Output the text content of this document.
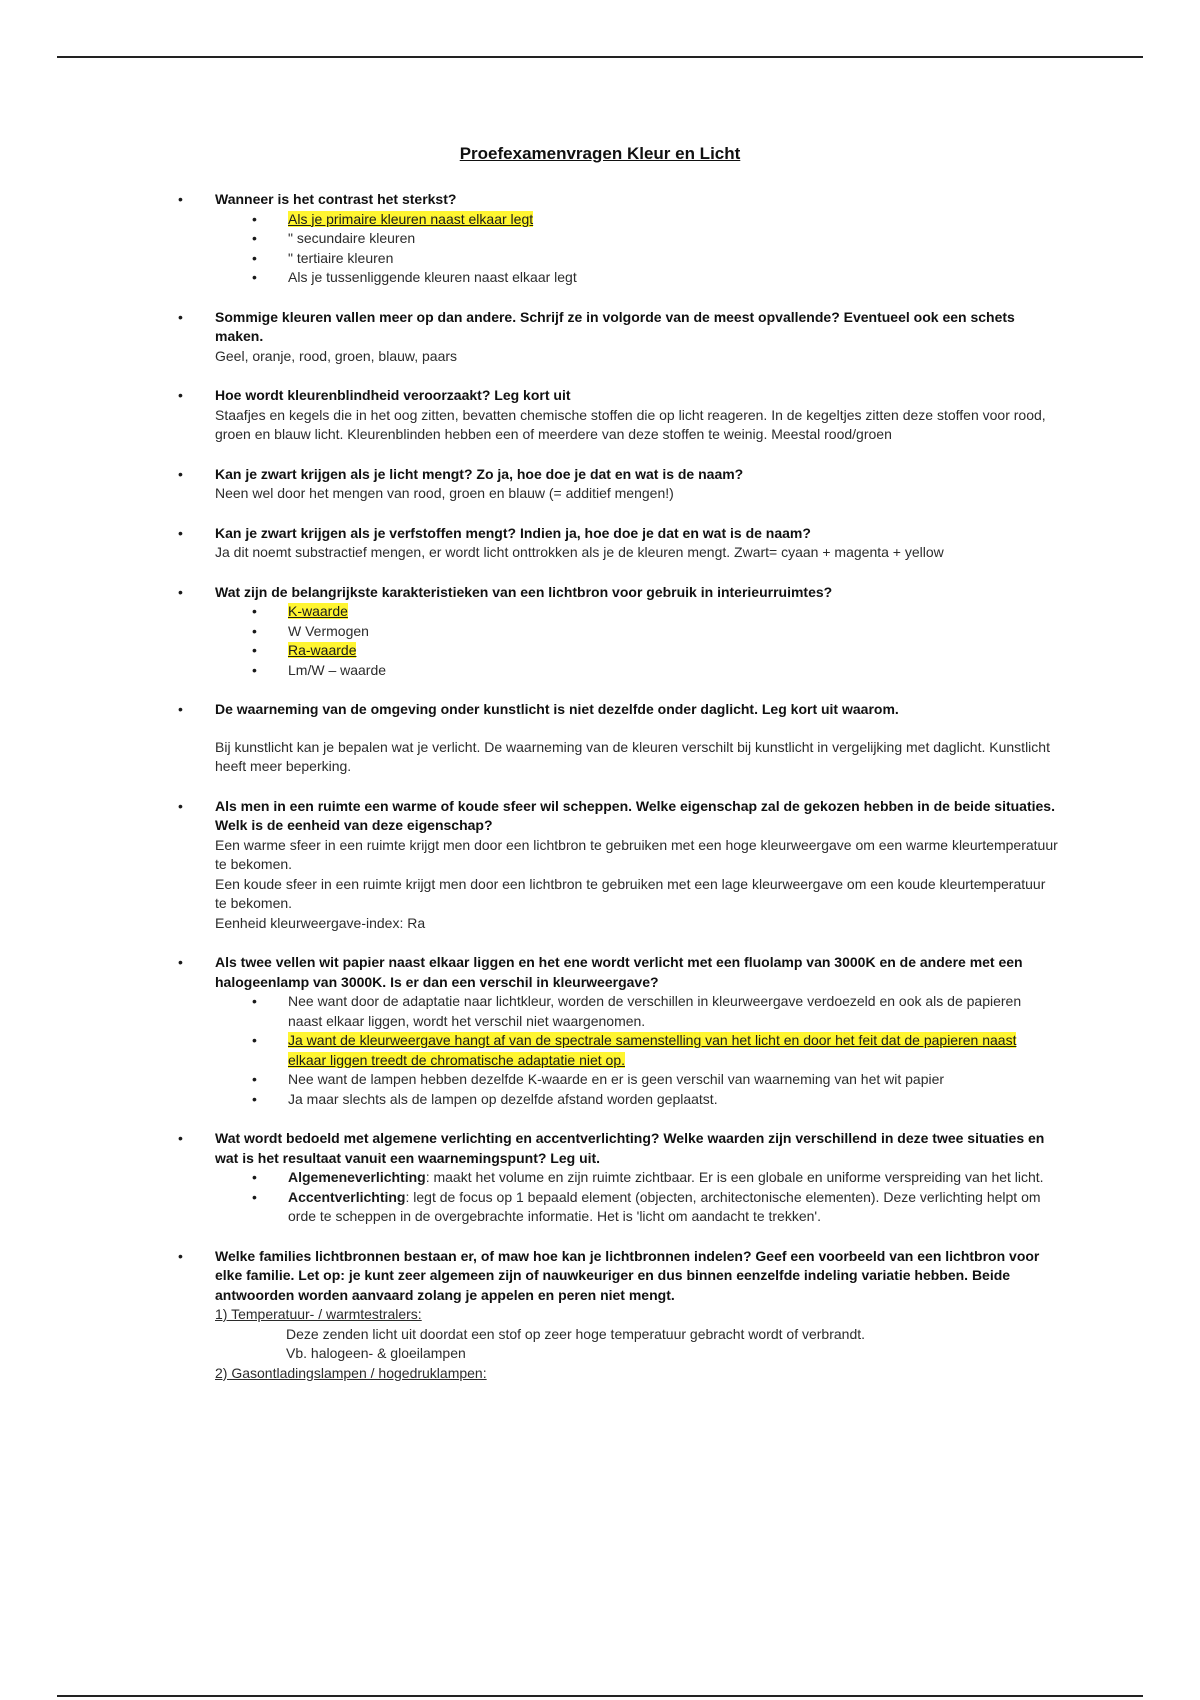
Proefexamenvragen Kleur en Licht
•	Wanneer is het contrast het sterkst?
• Als je primaire kleuren naast elkaar legt
• " secundaire kleuren
• " tertiaire kleuren
• Als je tussenliggende kleuren naast elkaar legt
•	Sommige kleuren vallen meer op dan andere. Schrijf ze in volgorde van de meest opvallende? Eventueel ook een schets maken.
Geel, oranje, rood, groen, blauw, paars
•	Hoe wordt kleurenblindheid veroorzaakt? Leg kort uit
Staafjes en kegels die in het oog zitten, bevatten chemische stoffen die op licht reageren. In de kegeltjes zitten deze stoffen voor rood, groen en blauw licht. Kleurenblinden hebben een of meerdere van deze stoffen te weinig. Meestal rood/groen
•	Kan je zwart krijgen als je licht mengt? Zo ja, hoe doe je dat en wat is de naam?
Neen wel door het mengen van rood, groen en blauw (= additief mengen!)
•	Kan je zwart krijgen als je verfstoffen mengt? Indien ja, hoe doe je dat en wat is de naam?
Ja dit noemt substractief mengen, er wordt licht onttrokken als je de kleuren mengt. Zwart= cyaan + magenta + yellow
•	Wat zijn de belangrijkste karakteristieken van een lichtbron voor gebruik in interieurruimtes?
• K-waarde
• W Vermogen
• Ra-waarde
• Lm/W – waarde
•	De waarneming van de omgeving onder kunstlicht is niet dezelfde onder daglicht. Leg kort uit waarom.
Bij kunstlicht kan je bepalen wat je verlicht. De waarneming van de kleuren verschilt bij kunstlicht in vergelijking met daglicht. Kunstlicht heeft meer beperking.
•	Als men in een ruimte een warme of koude sfeer wil scheppen. Welke eigenschap zal de gekozen hebben in de beide situaties. Welk is de eenheid van deze eigenschap?
Een warme sfeer in een ruimte krijgt men door een lichtbron te gebruiken met een hoge kleurweergave om een warme kleurtemperatuur te bekomen.
Een koude sfeer in een ruimte krijgt men door een lichtbron te gebruiken met een lage kleurweergave om een koude kleurtemperatuur te bekomen.
Eenheid kleurweergave-index: Ra
•	Als twee vellen wit papier naast elkaar liggen en het ene wordt verlicht met een fluolamp van 3000K en de andere met een halogeenlamp van 3000K. Is er dan een verschil in kleurweergave?
• Nee want door de adaptatie naar lichtkleur, worden de verschillen in kleurweergave verdoezeld en ook als de papieren naast elkaar liggen, wordt het verschil niet waargenomen.
• Ja want de kleurweergave hangt af van de spectrale samenstelling van het licht en door het feit dat de papieren naast elkaar liggen treedt de chromatische adaptatie niet op.
• Nee want de lampen hebben dezelfde K-waarde en er is geen verschil van waarneming van het wit papier
• Ja maar slechts als de lampen op dezelfde afstand worden geplaatst.
•	Wat wordt bedoeld met algemene verlichting en accentverlichting? Welke waarden zijn verschillend in deze twee situaties en wat is het resultaat vanuit een waarnemingspunt? Leg uit.
• Algemeneverlichting: maakt het volume en zijn ruimte zichtbaar. Er is een globale en uniforme verspreiding van het licht.
• Accentverlichting: legt de focus op 1 bepaald element (objecten, architectonische elementen). Deze verlichting helpt om orde te scheppen in de overgebrachte informatie. Het is 'licht om aandacht te trekken'.
•	Welke families lichtbronnen bestaan er, of maw hoe kan je lichtbronnen indelen? Geef een voorbeeld van een lichtbron voor elke familie. Let op: je kunt zeer algemeen zijn of nauwkeuriger en dus binnen eenzelfde indeling variatie hebben. Beide antwoorden worden aanvaard zolang je appelen en peren niet mengt.
1) Temperatuur- / warmtestralers:
Deze zenden licht uit doordat een stof op zeer hoge temperatuur gebracht wordt of verbrandt.
Vb. halogeen- & gloeilampen
2) Gasontladingslampen / hogedruklampen:
